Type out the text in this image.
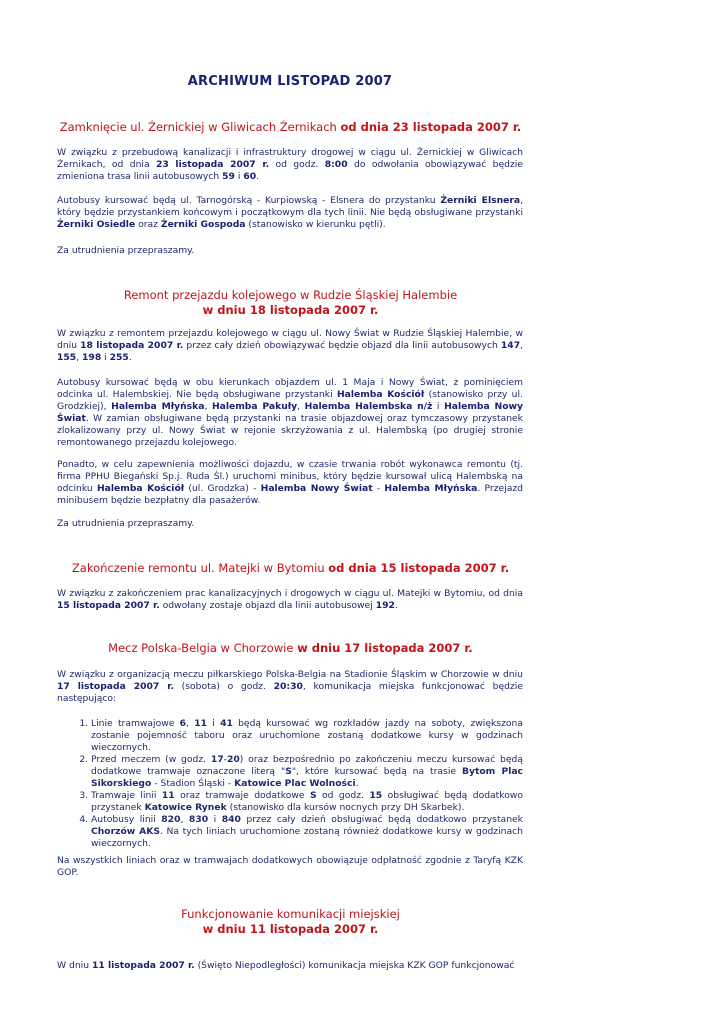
ARCHIWUM LISTOPAD 2007
Zamknięcie ul. Żernickiej w Gliwicach Żernikach od dnia 23 listopada 2007 r.

W związku z przebudową kanalizacji i infrastruktury drogowej w ciągu ul. Żernickiej w Gliwicach Żernikach, od dnia 23 listopada 2007 r. od godz. 8:00 do odwołania obowiązywać będzie zmieniona trasa linii autobusowych 59 i 60.

Autobusy kursować będą ul. Tarnogórską - Kurpiowską - Elsnera do przystanku Żerniki Elsnera, który będzie przystankiem końcowym i początkowym dla tych linii. Nie będą obsługiwane przystanki Żerniki Osiedle oraz Żerniki Gospoda (stanowisko w kierunku pętli).

Za utrudnienia przepraszamy.

Remont przejazdu kolejowego w Rudzie Śląskiej Halembie
w dniu 18 listopada 2007 r.

W związku z remontem przejazdu kolejowego w ciągu ul. Nowy Świat w Rudzie Śląskiej Halembie, w dniu 18 listopada 2007 r. przez cały dzień obowiązywać będzie objazd dla linii autobusowych 147, 155, 198 i 255.

Autobusy kursować będą w obu kierunkach objazdem ul. 1 Maja i Nowy Świat, z pominięciem odcinka ul. Halembskiej. Nie będą obsługiwane przystanki Halemba Kościół (stanowisko przy ul. Grodzkiej), Halemba Młyńska, Halemba Pakuły, Halemba Halembska n/ż i Halemba Nowy Świat. W zamian obsługiwane będą przystanki na trasie objazdowej oraz tymczasowy przystanek zlokalizowany przy ul. Nowy Świat w rejonie skrzyżowania z ul. Halembską (po drugiej stronie remontowanego przejazdu kolejowego.

Ponadto, w celu zapewnienia możliwości dojazdu, w czasie trwania robót wykonawca remontu (tj. firma PPHU Biegański Sp.j. Ruda Śl.) uruchomi minibus, który będzie kursował ulicą Halembską na odcinku Halemba Kościół (ul. Grodzka) - Halemba Nowy Świat - Halemba Młyńska. Przejazd minibusem będzie bezpłatny dla pasażerów.

Za utrudnienia przepraszamy.

Zakończenie remontu ul. Matejki w Bytomiu od dnia 15 listopada 2007 r.

W związku z zakończeniem prac kanalizacyjnych i drogowych w ciągu ul. Matejki w Bytomiu, od dnia 15 listopada 2007 r. odwołany zostaje objazd dla linii autobusowej 192.

Mecz Polska-Belgia w Chorzowie w dniu 17 listopada 2007 r.

W związku z organizacją meczu piłkarskiego Polska-Belgia na Stadionie Śląskim w Chorzowie w dniu 17 listopada 2007 r. (sobota) o godz. 20:30, komunikacja miejska funkcjonować będzie następująco:

1. Linie tramwajowe 6, 11 i 41 będą kursować wg rozkładów jazdy na soboty, zwiększona zostanie pojemność taboru oraz uruchomione zostaną dodatkowe kursy w godzinach wieczornych.
2. Przed meczem (w godz. 17-20) oraz bezpośrednio po zakończeniu meczu kursować będą dodatkowe tramwaje oznaczone literą "S", które kursować będą na trasie Bytom Plac Sikorskiego - Stadion Śląski - Katowice Plac Wolności.
3. Tramwaje linii 11 oraz tramwaje dodatkowe S od godz. 15 obsługiwać będą dodatkowo przystanek Katowice Rynek (stanowisko dla kursów nocnych przy DH Skarbek).
4. Autobusy linii 820, 830 i 840 przez cały dzień obsługiwać będą dodatkowo przystanek Chorzów AKS. Na tych liniach uruchomione zostaną również dodatkowe kursy w godzinach wieczornych.

Na wszystkich liniach oraz w tramwajach dodatkowych obowiązuje odpłatność zgodnie z Taryfą KZK GOP.

Funkcjonowanie komunikacji miejskiej
w dniu 11 listopada 2007 r.

W dniu 11 listopada 2007 r. (Święto Niepodległości) komunikacja miejska KZK GOP funkcjonować
